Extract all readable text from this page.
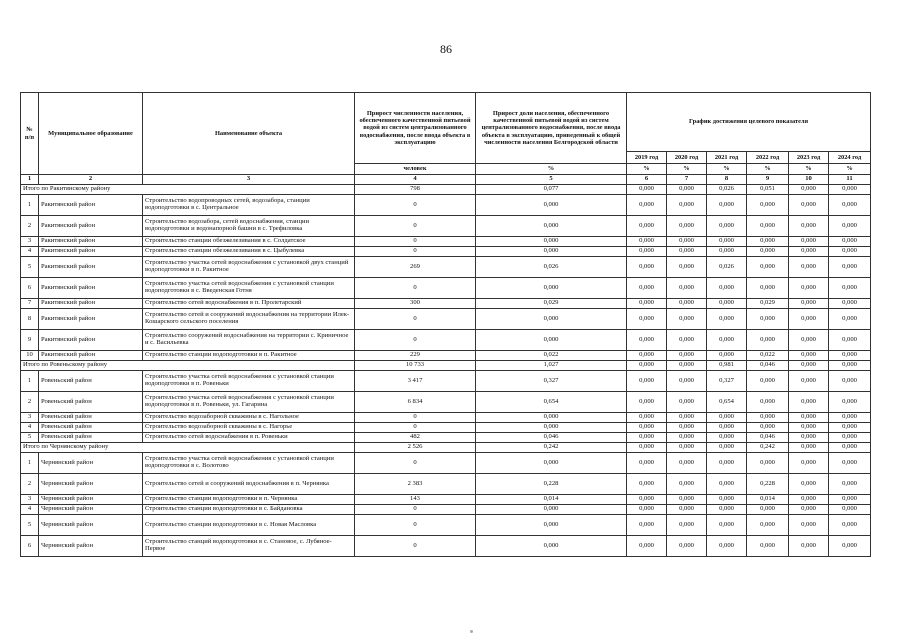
86
№ п/п	Муниципальное образование	Наименование объекта	Прирост численности населения, обеспеченного качественной питьевой водой из систем централизованного водоснабжения, после ввода объекта в эксплуатацию	Прирост доли населения, обеспеченного качественной питьевой водой из систем централизованного водоснабжения, после ввода объекта в эксплуатацию, приведенный к общей численности населения Белгородской области	График достижения целевого показателя					
					2019 год	2020 год	2021 год	2022 год	2023 год	2024 год
			человек	%	%	%	%	%	%	%
1	2	3	4	5	6	7	8	9	10	11
Итого по Ракитянскому району			798	0,077	0,000	0,000	0,026	0,051	0,000	0,000
1	Ракитянский район	Строительство водопроводных сетей, водозабора, станции водоподготовки в с. Центральное	0	0,000	0,000	0,000	0,000	0,000	0,000	0,000
2	Ракитянский район	Строительство водозабора, сетей водоснабжения, станции водоподготовки и водонапорной башни в с. Трефиловка	0	0,000	0,000	0,000	0,000	0,000	0,000	0,000
3	Ракитянский район	Строительство станции обезжелезивания в с. Солдатское	0	0,000	0,000	0,000	0,000	0,000	0,000	0,000
4	Ракитянский район	Строительство станции обезжелезивания в с. Цыбулевка	0	0,000	0,000	0,000	0,000	0,000	0,000	0,000
5	Ракитянский район	Строительство участка сетей водоснабжения с установкой двух станций водоподготовки в п. Ракитное	269	0,026	0,000	0,000	0,026	0,000	0,000	0,000
6	Ракитянский район	Строительство участка сетей водоснабжения с установкой станции водоподготовки в с. Введенская Готня	0	0,000	0,000	0,000	0,000	0,000	0,000	0,000
7	Ракитянский район	Строительство сетей водоснабжения в п. Пролетарский	300	0,029	0,000	0,000	0,000	0,029	0,000	0,000
8	Ракитянский район	Строительство сетей и сооружений водоснабжения на территории Илек-Кошарского сельского поселения	0	0,000	0,000	0,000	0,000	0,000	0,000	0,000
9	Ракитянский район	Строительство сооружений водоснабжения на территории с. Криничное и с. Васильевка	0	0,000	0,000	0,000	0,000	0,000	0,000	0,000
10	Ракитянский район	Строительство станции водоподготовки в п. Ракитное	229	0,022	0,000	0,000	0,000	0,022	0,000	0,000
Итого по Ровеньскому району			10 733	1,027	0,000	0,000	0,981	0,046	0,000	0,000
1	Ровеньский район	Строительство участка сетей водоснабжения с установкой станции водоподготовки в п. Ровеньки	3 417	0,327	0,000	0,000	0,327	0,000	0,000	0,000
2	Ровеньский район	Строительство участка сетей водоснабжения с установкой станции водоподготовки в п. Ровеньки, ул. Гагарина	6 834	0,654	0,000	0,000	0,654	0,000	0,000	0,000
3	Ровеньский район	Строительство водозаборной скважины в с. Нагольное	0	0,000	0,000	0,000	0,000	0,000	0,000	0,000
4	Ровеньский район	Строительство водозаборной скважины в с. Нагорье	0	0,000	0,000	0,000	0,000	0,000	0,000	0,000
5	Ровеньский район	Строительство сетей водоснабжения в п. Ровеньки	482	0,046	0,000	0,000	0,000	0,046	0,000	0,000
Итого по Чернянскому району			2 526	0,242	0,000	0,000	0,000	0,242	0,000	0,000
1	Чернянский район	Строительство участка сетей водоснабжения с установкой станции водоподготовки в с. Волотово	0	0,000	0,000	0,000	0,000	0,000	0,000	0,000
2	Чернянский район	Строительство сетей и сооружений водоснабжения в п. Чернянка	2 383	0,228	0,000	0,000	0,000	0,228	0,000	0,000
3	Чернянский район	Строительство станции водоподготовки в п. Чернянка	143	0,014	0,000	0,000	0,000	0,014	0,000	0,000
4	Чернянский район	Строительство станции водоподготовки в с. Байдановка	0	0,000	0,000	0,000	0,000	0,000	0,000	0,000
5	Чернянский район	Строительство станции водоподготовки в с. Новая Масловка	0	0,000	0,000	0,000	0,000	0,000	0,000	0,000
6	Чернянский район	Строительство станций водоподготовки в с. Становое, с. Лубяное-Первое	0	0,000	0,000	0,000	0,000	0,000	0,000	0,000
